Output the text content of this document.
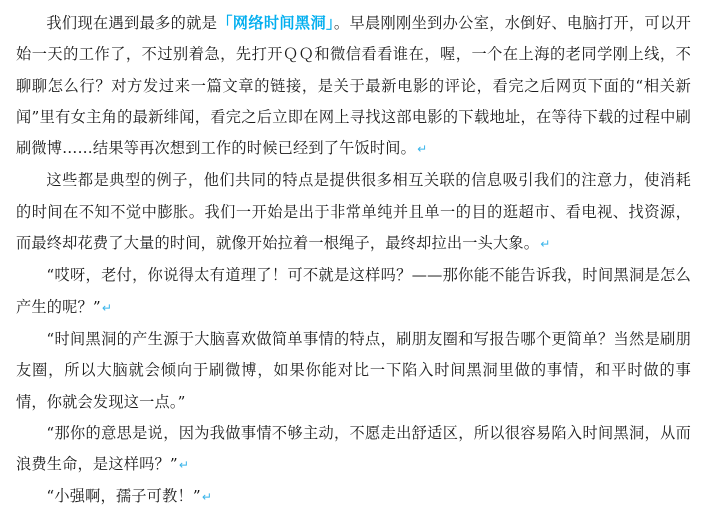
我们现在遇到最多的就是「网络时间黑洞」。早晨刚刚坐到办公室，水倒好、电脑打开，可以开始一天的工作了，不过别着急，先打开ＱＱ和微信看看谁在，喔，一个在上海的老同学刚上线，不聊聊怎么行？对方发过来一篇文章的链接，是关于最新电影的评论，看完之后网页下面的“相关新闻”里有女主角的最新绯闻，看完之后立即在网上寻找这部电影的下载地址，在等待下载的过程中刷刷微博……结果等再次想到工作的时候已经到了午饭时间。↵

这些都是典型的例子，他们共同的特点是提供很多相互关联的信息吸引我们的注意力，使消耗的时间在不知不觉中膨胀。我们一开始是出于非常单纯并且单一的目的逛超市、看电视、找资源，而最终却花费了大量的时间，就像开始拉着一根绳子，最终却拉出一头大象。↵

“哎呀，老付，你说得太有道理了！可不就是这样吗？——那你能不能告诉我，时间黑洞是怎么产生的呢？”↵

“时间黑洞的产生源于大脑喜欢做简单事情的特点，刷朋友圈和写报告哪个更简单？当然是刷朋友圈，所以大脑就会倾向于刷微博，如果你能对比一下陷入时间黑洞里做的事情，和平时做的事情，你就会发现这一点。”

“那你的意思是说，因为我做事情不够主动，不愿走出舒适区，所以很容易陷入时间黑洞，从而浪费生命，是这样吗？”↵

“小强啊，孺子可教！”↵
